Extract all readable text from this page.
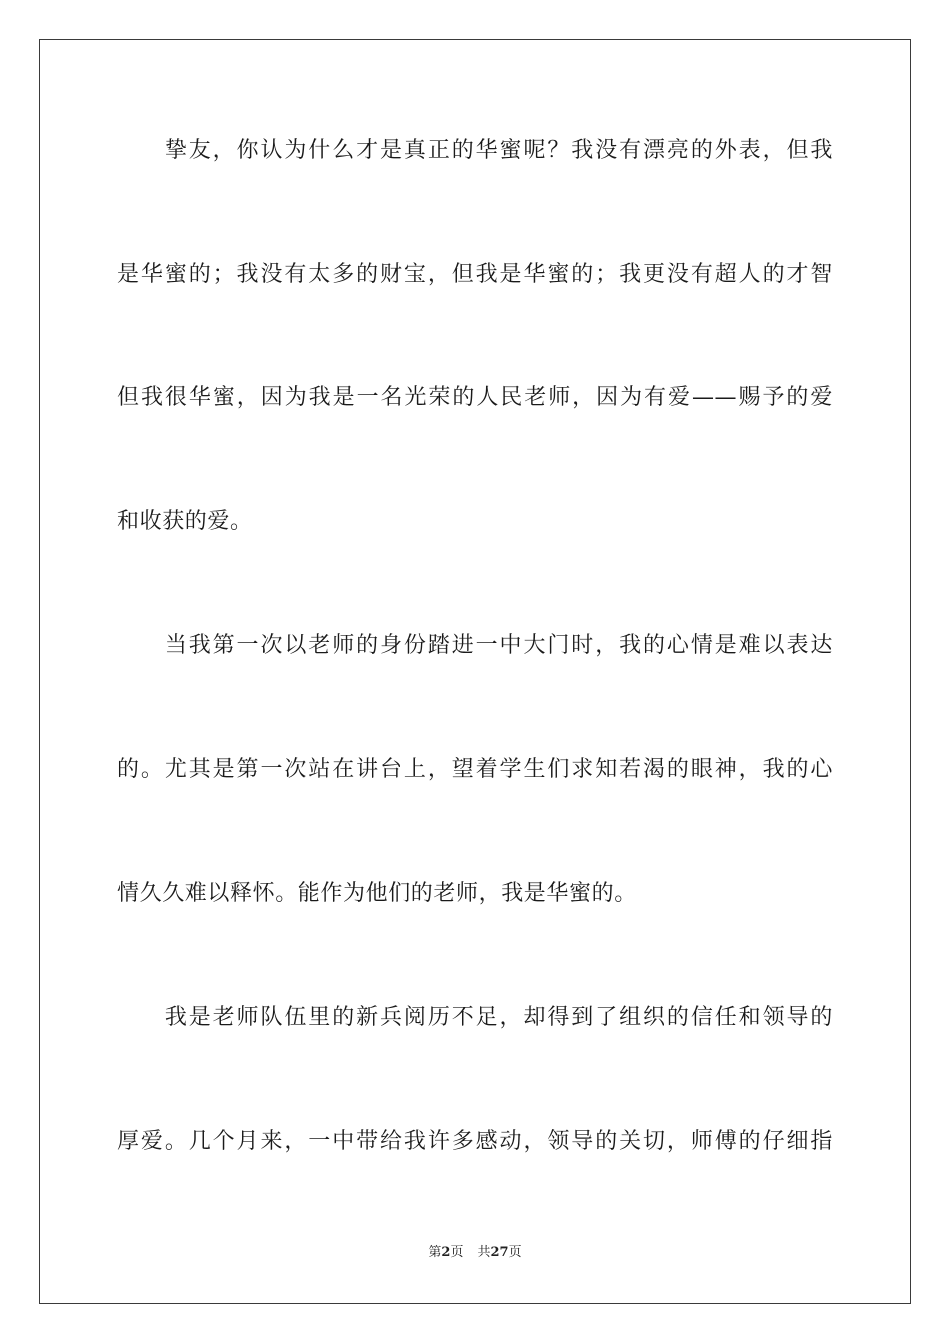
　　挚友，你认为什么才是真正的华蜜呢？我没有漂亮的外表，但我
是华蜜的；我没有太多的财宝，但我是华蜜的；我更没有超人的才智
但我很华蜜，因为我是一名光荣的人民老师，因为有爱——赐予的爱
和收获的爱。
　　当我第一次以老师的身份踏进一中大门时，我的心情是难以表达
的。尤其是第一次站在讲台上，望着学生们求知若渴的眼神，我的心
情久久难以释怀。能作为他们的老师，我是华蜜的。
　　我是老师队伍里的新兵阅历不足，却得到了组织的信任和领导的
厚爱。几个月来，一中带给我许多感动，领导的关切，师傅的仔细指
第2页 共27页
